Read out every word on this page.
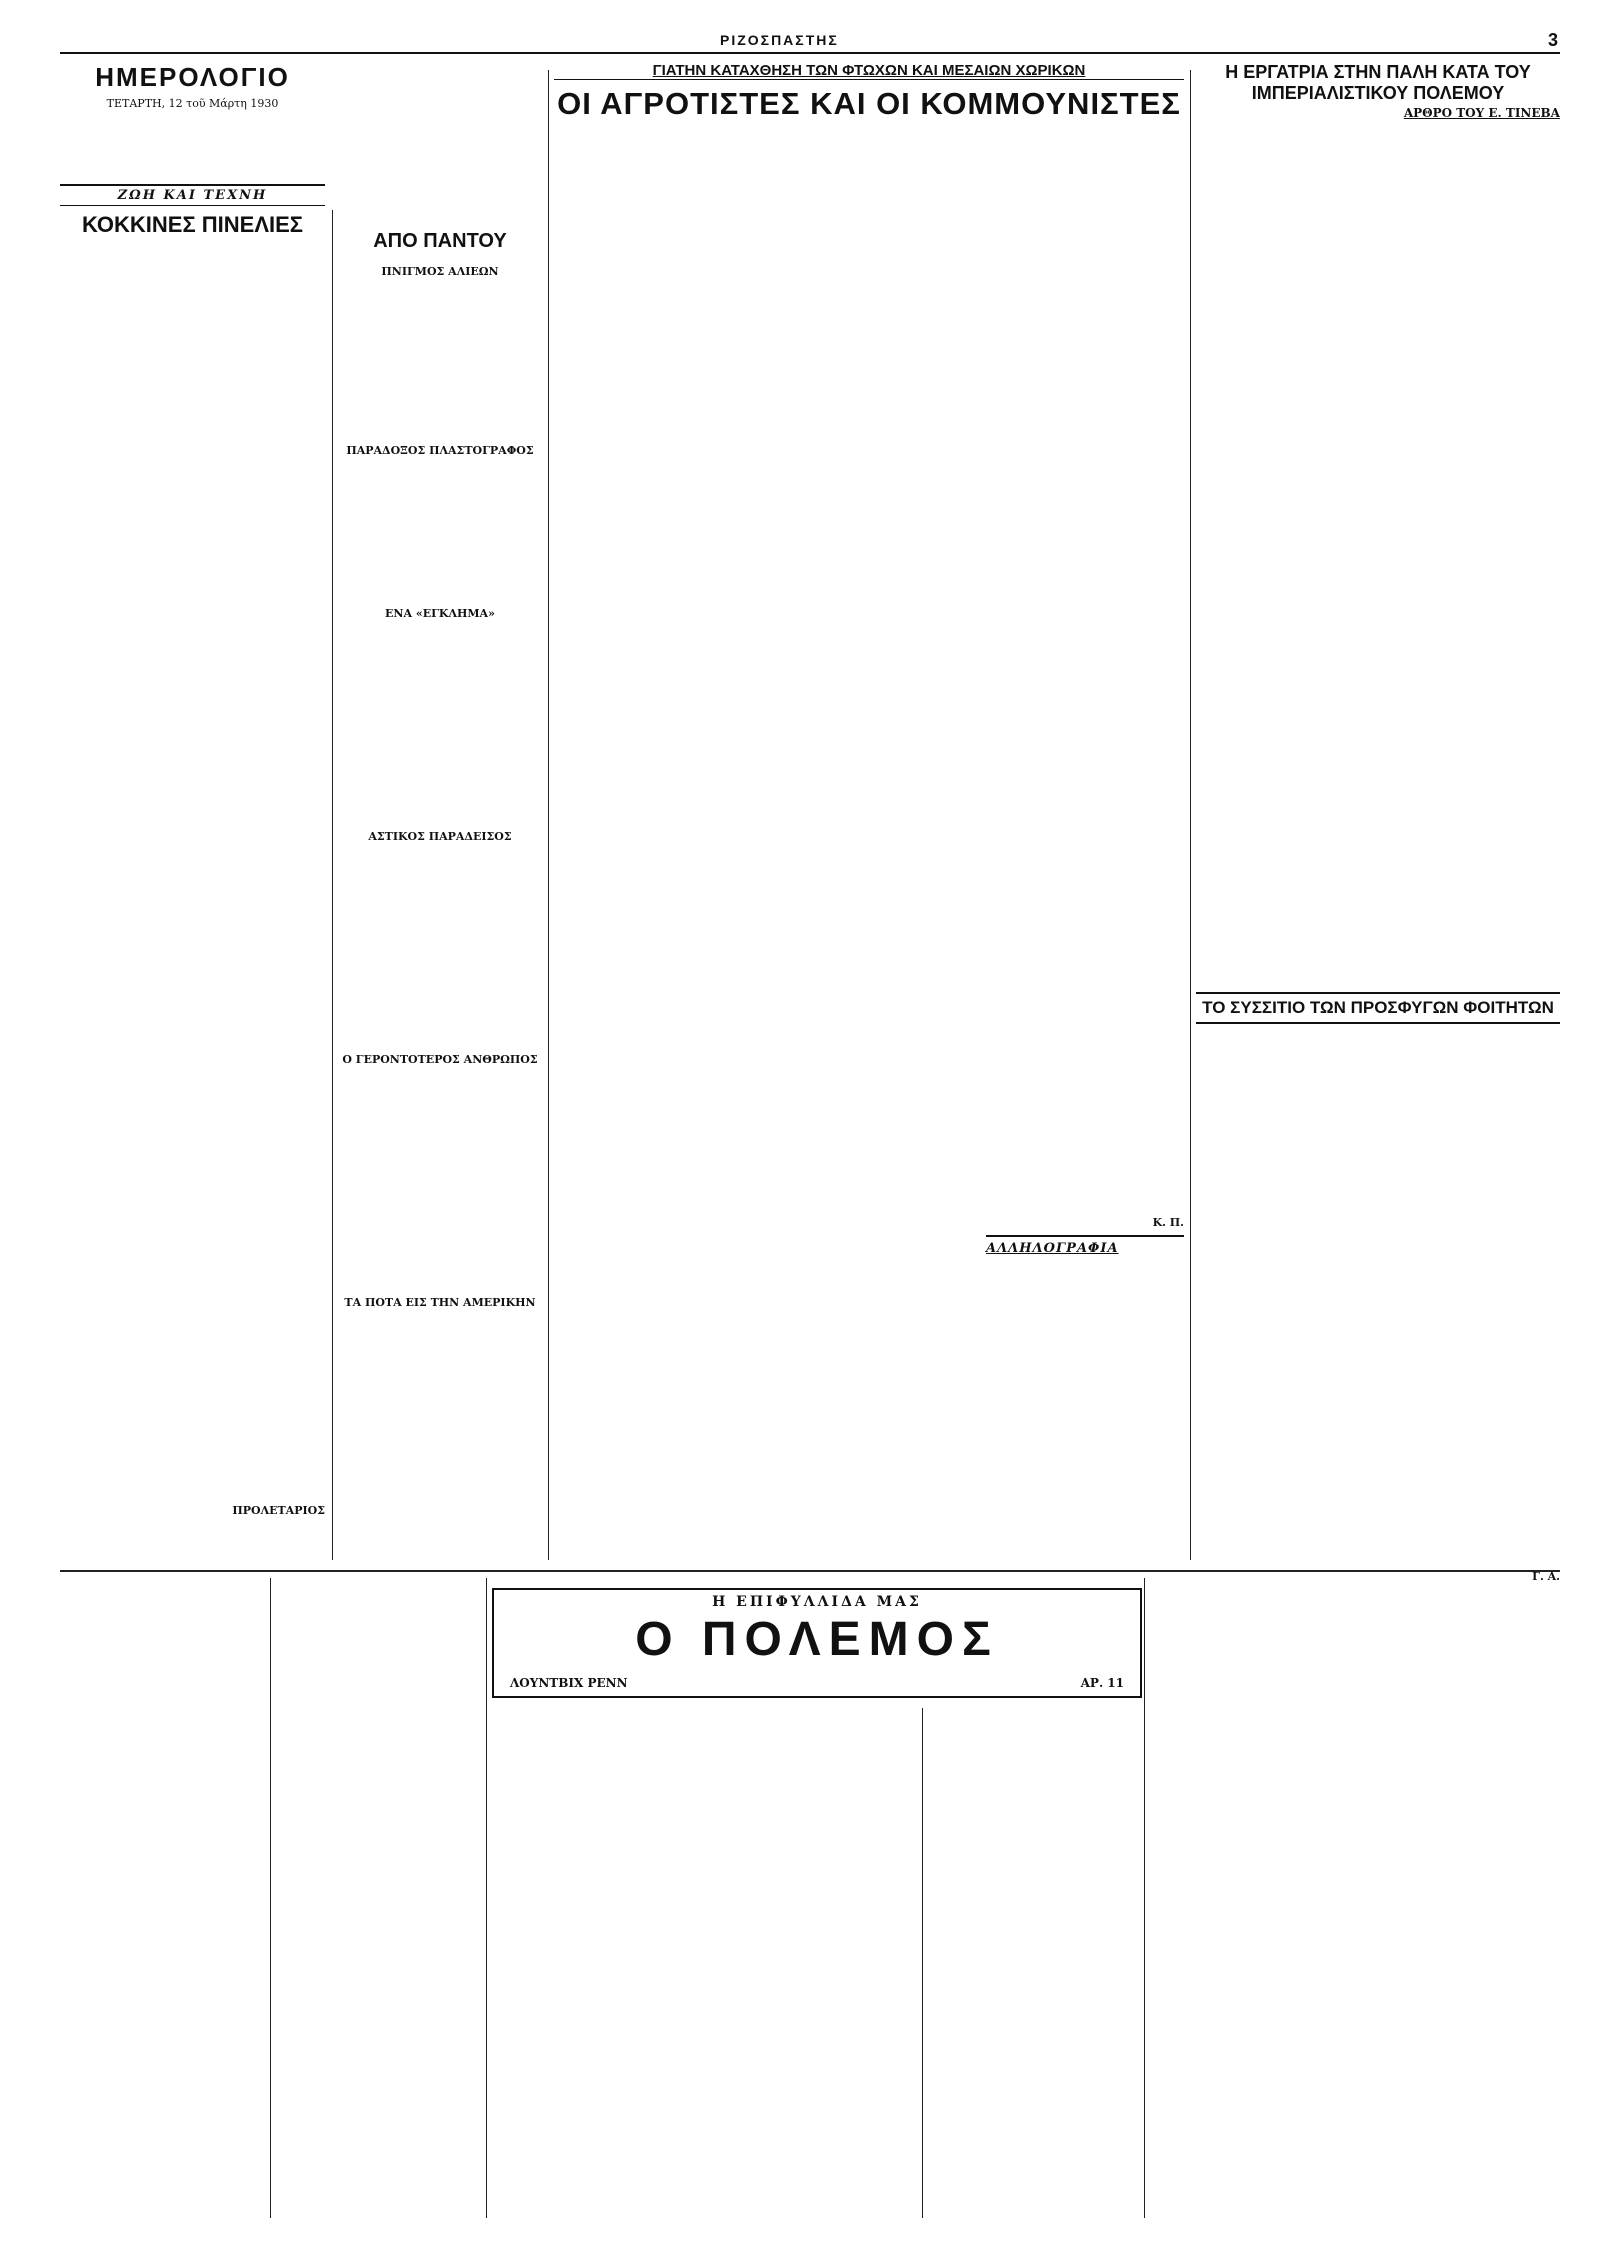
ΡΙΖΟΣΠΑΣΤΗΣ	3
ΗΜΕΡΟΛΟΓΙΟ
ΤΕΤΑΡΤΗ, 12 τοῦ Μάρτη 1930
ΖΩΗ ΚΑΙ ΤΕΧΝΗ
ΚΟΚΚΙΝΕΣ ΠΙΝΕΛΙΕΣ
ΠΡΟΛΕΤΑΡΙΟΣ
ΑΠΟ ΠΑΝΤΟΥ
ΠΝΙΓΜΟΣ ΑΛΙΕΩΝ
ΠΑΡΑΔΟΞΟΣ ΠΛΑΣΤΟΓΡΑΦΟΣ
ΕΝΑ «ΕΓΚΛΗΜΑ»
ΑΣΤΙΚΟΣ ΠΑΡΑΔΕΙΣΟΣ
Ο ΓΕΡΟΝΤΟΤΕΡΟΣ ΑΝΘΡΩΠΟΣ
ΤΑ ΠΟΤΑ ΕΙΣ ΤΗΝ ΑΜΕΡΙΚΗΝ
ΓΙΑΤΗΝ ΚΑΤΑΧΘΗΣΗ ΤΩΝ ΦΤΩΧΩΝ ΚΑΙ ΜΕΣΑΙΩΝ ΧΩΡΙΚΩΝ
ΟΙ ΑΓΡΟΤΙΣΤΕΣ ΚΑΙ ΟΙ ΚΟΜΜΟΥΝΙΣΤΕΣ
Κ. Π.
ΑΛΛΗΛΟΓΡΑΦΙΑ
Η ΕΡΓΑΤΡΙΑ ΣΤΗΝ ΠΑΛΗ ΚΑΤΑ ΤΟΥ ΙΜΠΕΡΙΑΛΙΣΤΙΚΟΥ ΠΟΛΕΜΟΥ
ΑΡΘΡΟ ΤΟΥ Ε. ΤΙΝΕΒΑ
ΤΟ ΣΥΣΣΙΤΙΟ ΤΩΝ ΠΡΟΣΦΥΓΩΝ ΦΟΙΤΗΤΩΝ
Γ. Α.
Η ΕΠΙΦΥΛΛΙΔΑ ΜΑΣ
Ο ΠΟΛΕΜΟΣ
ΛΟΥΝΤΒΙΧ ΡΕΝΝ	ΑΡ. 11
